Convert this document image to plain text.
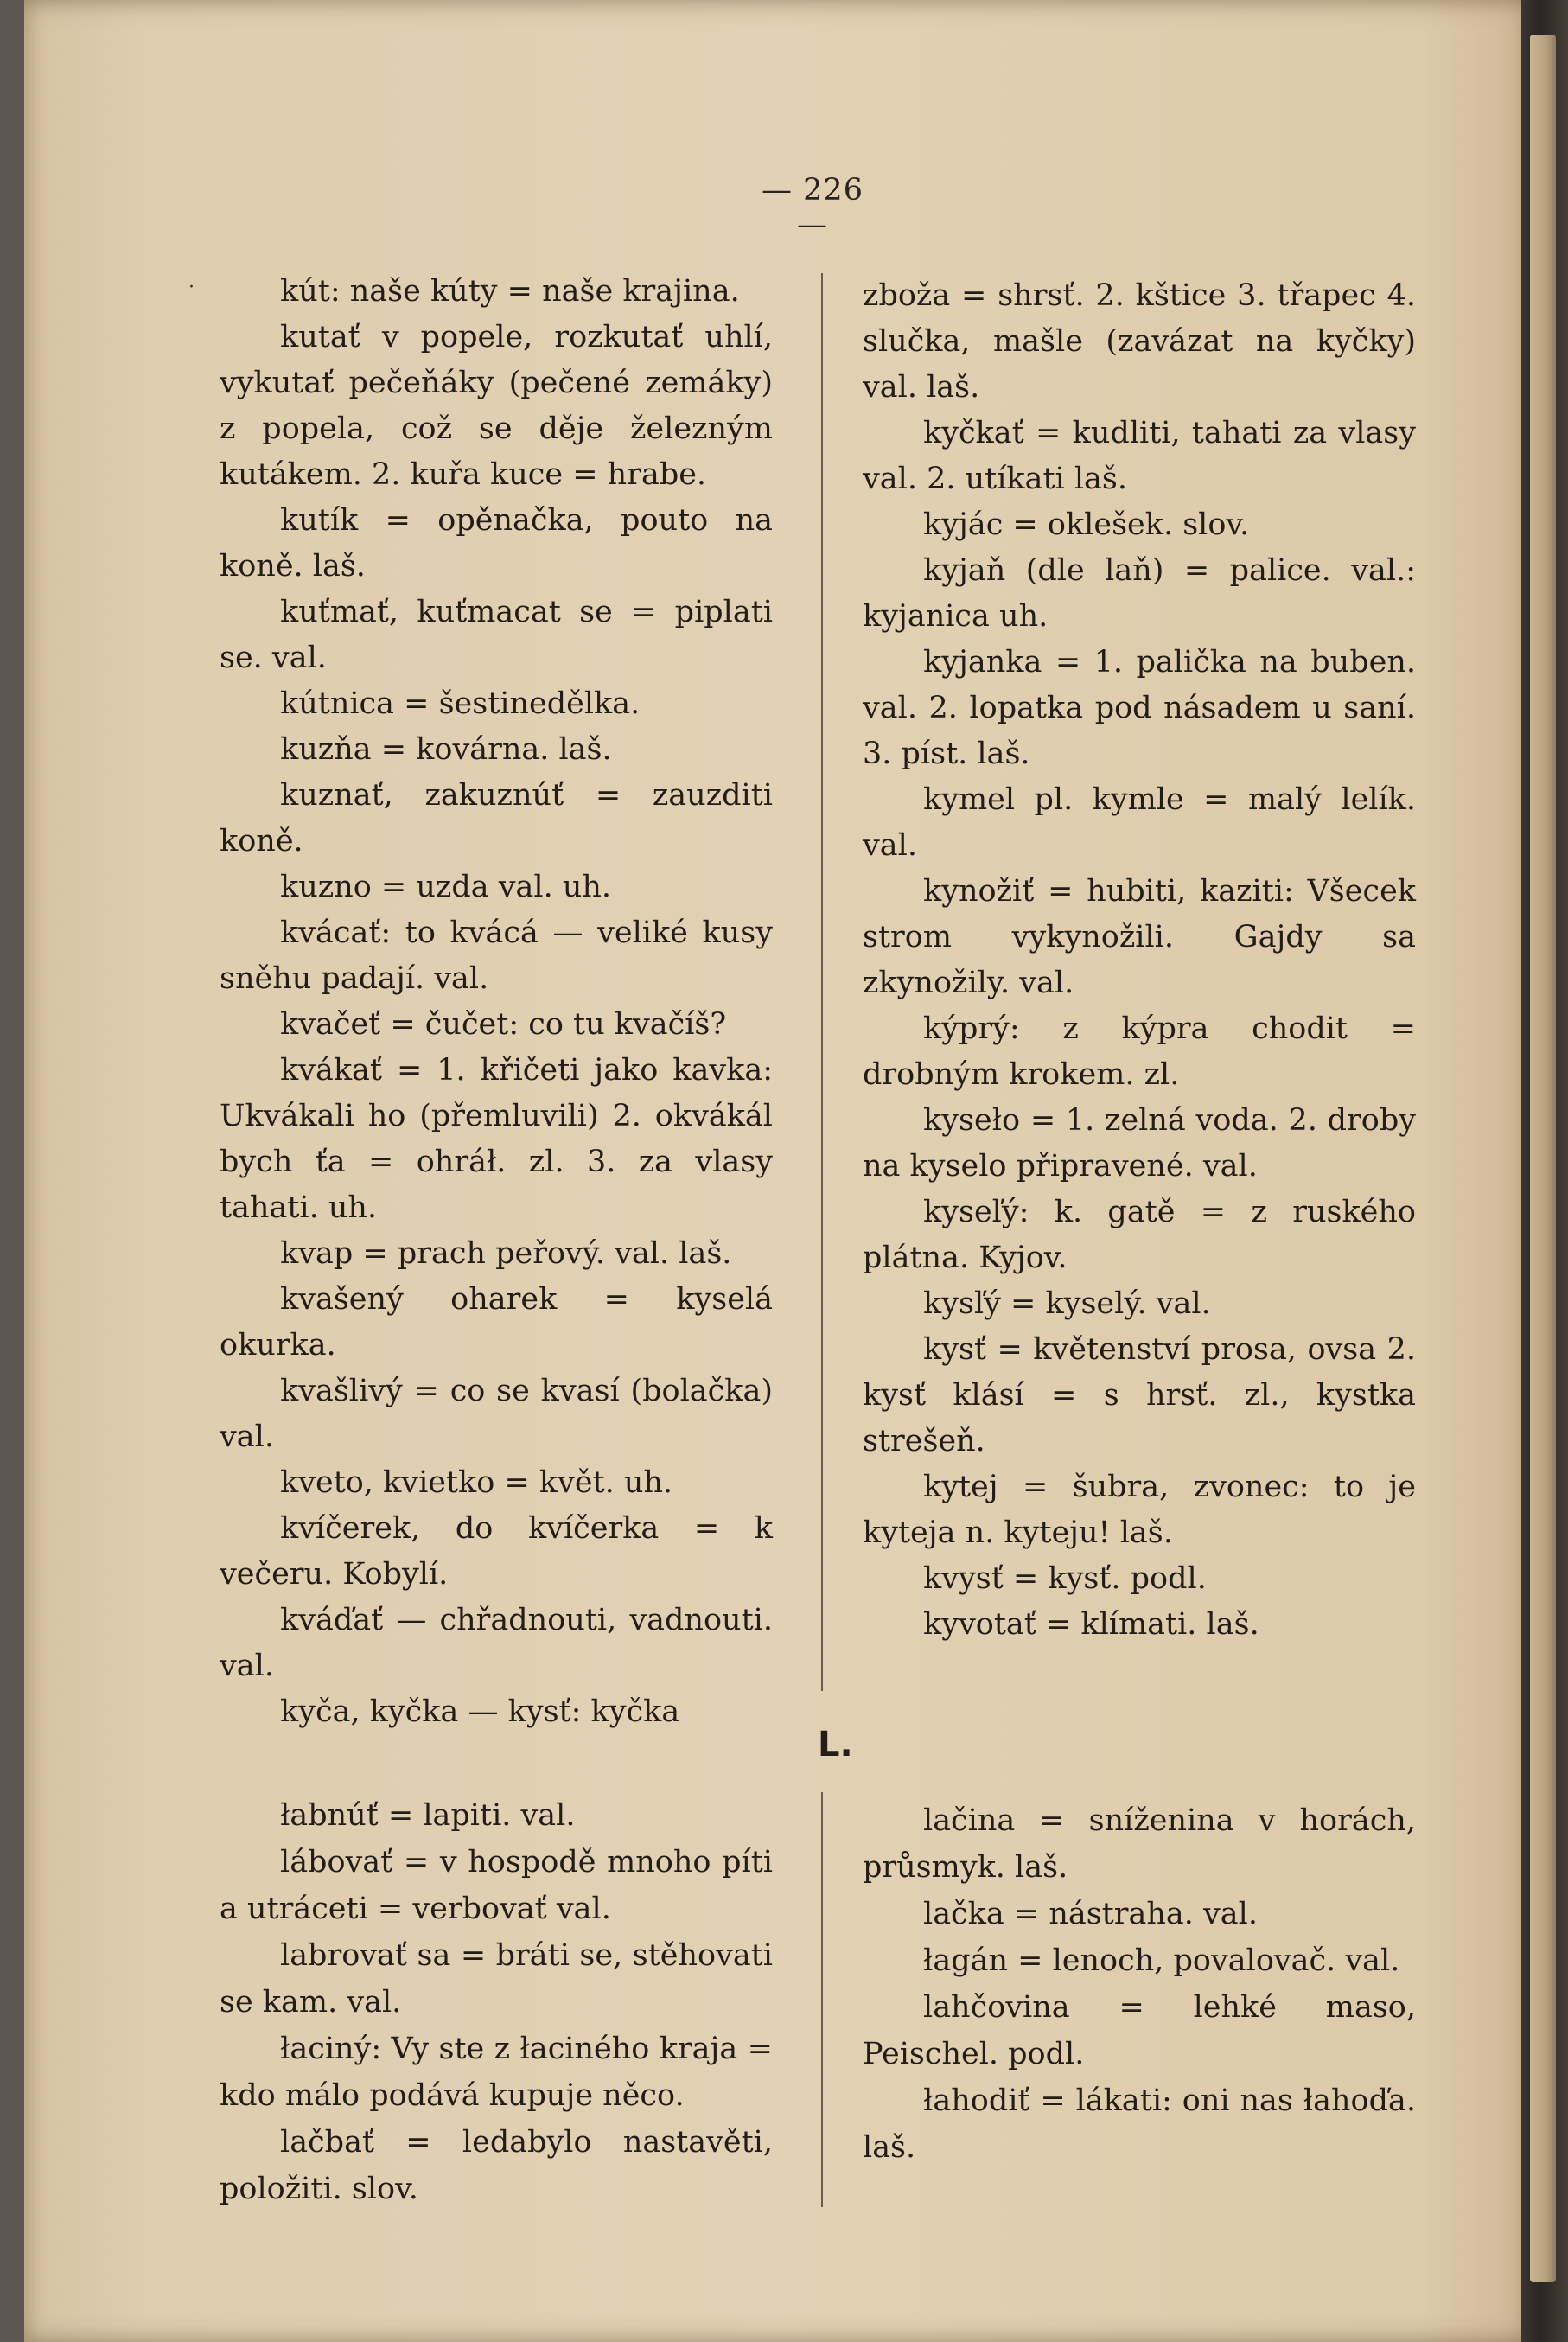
— 226 —
·	kút: naše kúty = naše krajina.

kutať v popele, rozkutať uhlí, vykutať pečeňáky (pečené zemáky) z popela, což se děje železným kutákem. 2. kuřa kuce = hrabe.

kutík = opěnačka, pouto na koně. laš.

kuťmať, kuťmacat se = piplati se. val.

kútnica = šestinedělka.

kuzňa = kovárna. laš.

kuznať, zakuznúť = zauzditi koně.

kuzno = uzda val. uh.

kváсať: to kvácá — veliké kusy sněhu padají. val.

kvačeť = čučet: co tu kvačíš?

kvákať = 1. křičeti jako kavka: Ukvákali ho (přemluvili) 2. okvákál bych ťa = ohráł. zl. 3. za vlasy tahati. uh.

kvap = prach peřový. val. laš.

kvašený oharek = kyselá okurka.

kvašlivý = co se kvasí (bolačka) val.

kveto, kvietko = květ. uh.

kvíčerek, do kvíčerka = k večeru. Kobylí.

kváďať — chřadnouti, vadnouti. val.

kyča, kyčka — kysť: kyčka

zboža = shrsť. 2. kštice 3. třapec 4. slučka, mašle (zavázat na kyčky) val. laš.

kyčkať = kudliti, tahati za vlasy val. 2. utíkati laš.

kyjác = oklešek. slov.

kyjaň (dle laň) = palice. val.: kyjanica uh.

kyjanka = 1. palička na buben. val. 2. lopatka pod násadem u saní. 3. píst. laš.

kymel pl. kymle = malý lelík. val.

kynožiť = hubiti, kaziti: Všecek strom vykynožili. Gajdy sa zkynožily. val.

kýprý: z kýpra chodit = drobným krokem. zl.

kyseło = 1. zelná voda. 2. droby na kyselo připravené. val.

kyseľý: k. gatě = z ruského plátna. Kyjov.

kysľý = kyselý. val.

kysť = květenství prosa, ovsa 2. kysť klásí = s hrsť. zl., kystka strešeň.

kytej = šubra, zvonec: to je kyteja n. kyteju! laš.

kvysť = kysť. podl.

kyvotať = klímati. laš.

L.

łabnúť = lapiti. val.

lábovať = v hospodě mnoho píti a utráceti = verbovať val.

labrovať sa = bráti se, stěhovati se kam. val.

łaciný: Vy ste z łaciného kraja = kdo málo podává kupuje něco.

lačbať = ledabylo nastavěti, položiti. slov.

lačina = sníženina v horách, průsmyk. laš.

lačka = nástraha. val.

łagán = lenoch, povalovač. val.

lahčovina = lehké maso, Peischel. podl.

łahodiť = lákati: oni nas łahoďa. laš.
